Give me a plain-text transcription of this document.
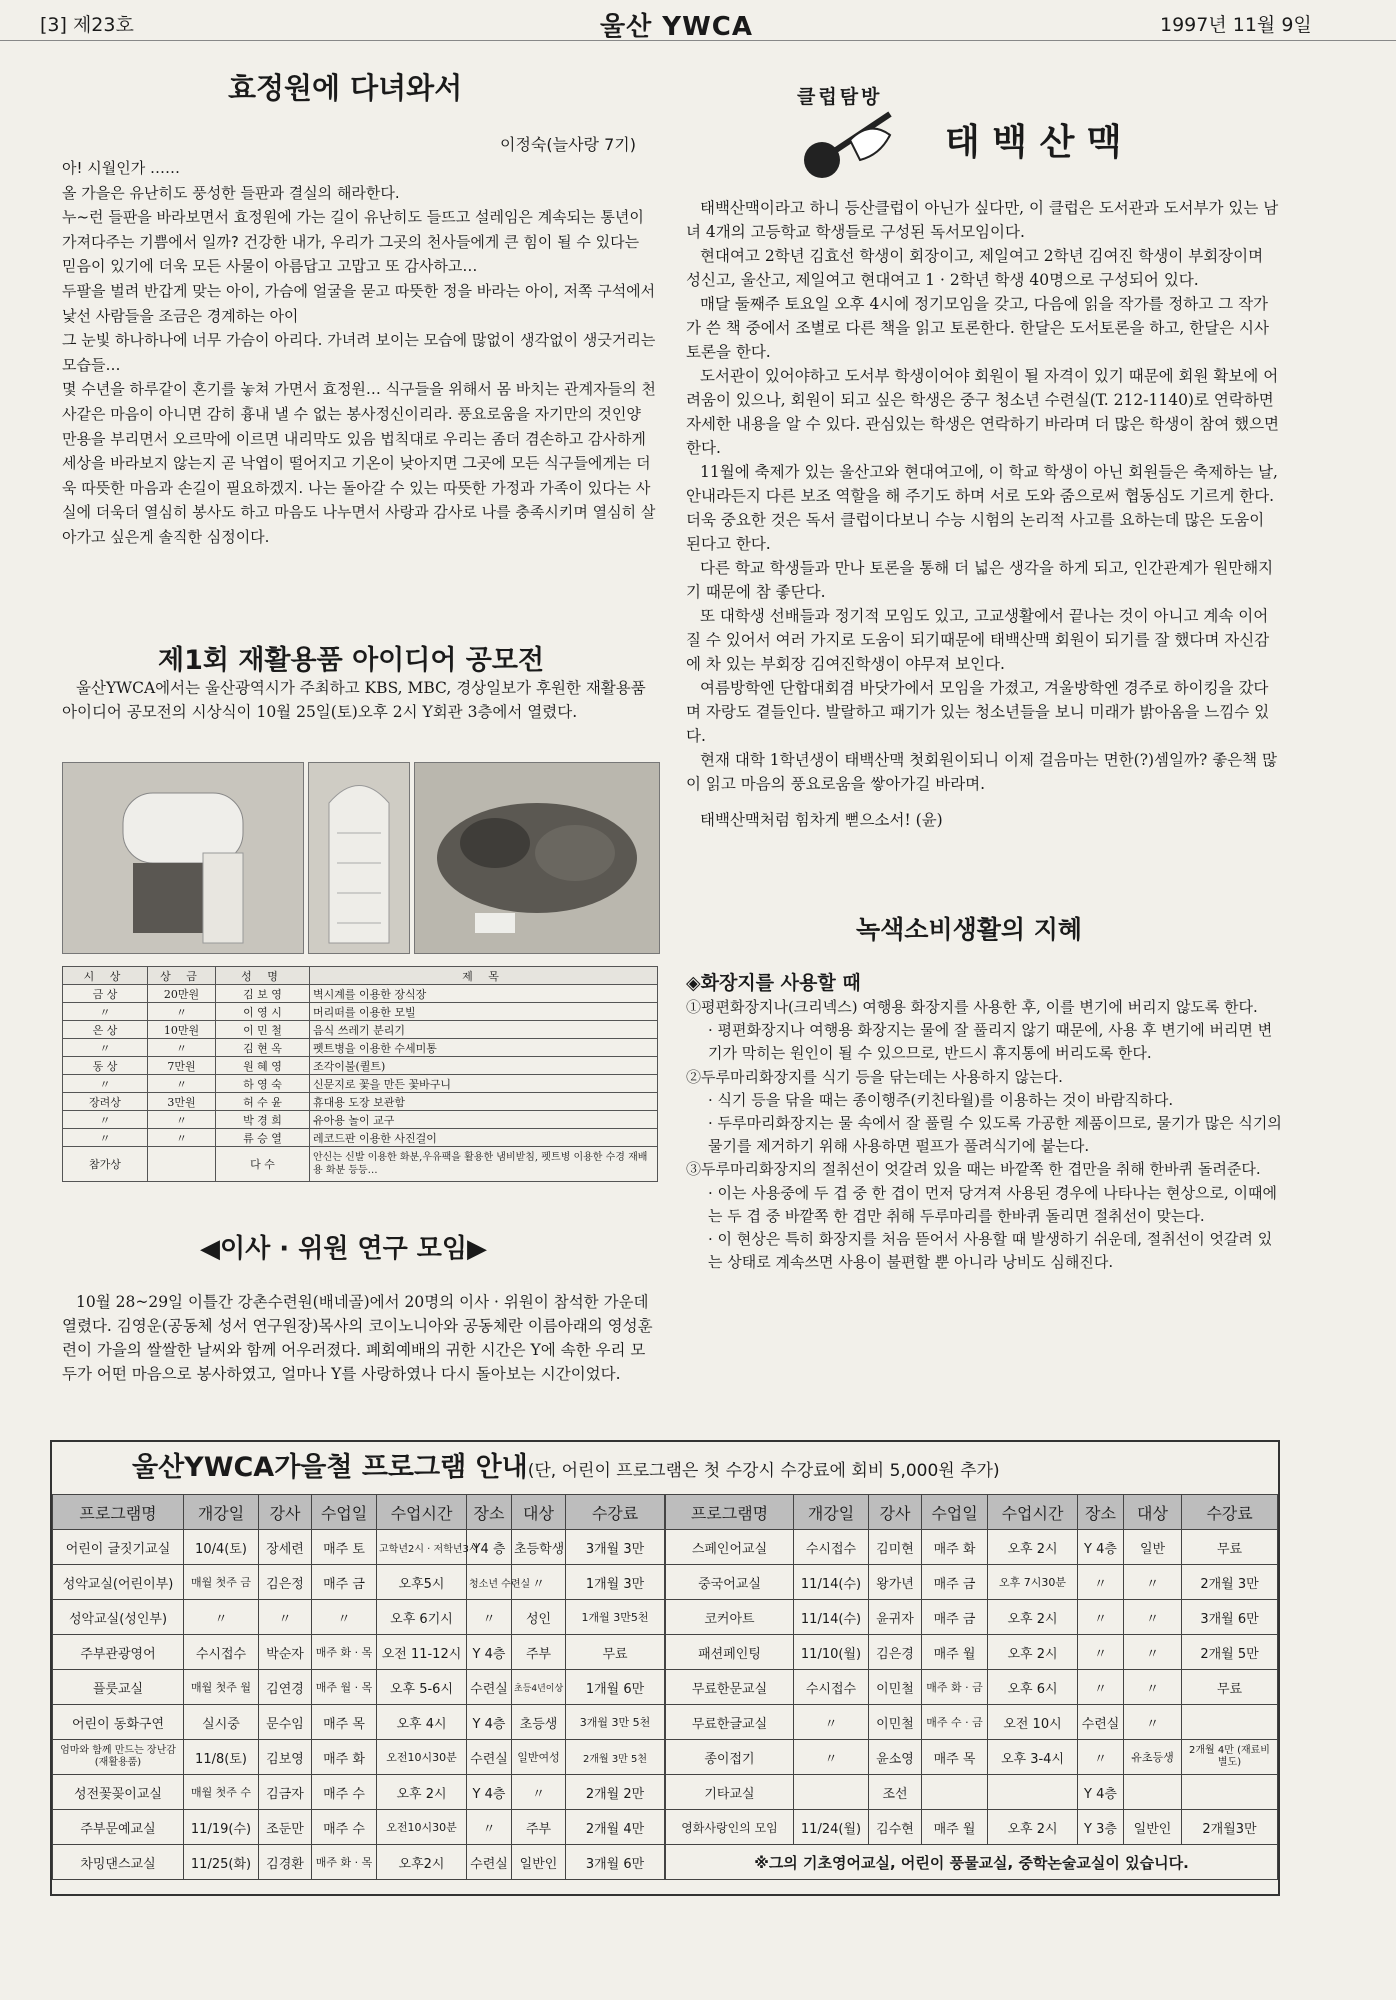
[3] 제23호	울산 YWCA	1997년 11월 9일
효정원에 다녀와서
이정숙(늘사랑 7기)

아! 시월인가 ……

올 가을은 유난히도 풍성한 들판과 결실의 해라한다.

누~런 들판을 바라보면서 효정원에 가는 길이 유난히도 들뜨고 설레임은 계속되는 통년이 가져다주는 기쁨에서 일까? 건강한 내가, 우리가 그곳의 천사들에게 큰 힘이 될 수 있다는 믿음이 있기에 더욱 모든 사물이 아름답고 고맙고 또 감사하고…

두팔을 벌려 반갑게 맞는 아이, 가슴에 얼굴을 묻고 따뜻한 정을 바라는 아이, 저쪽 구석에서 낯선 사람들을 조금은 경계하는 아이

그 눈빛 하나하나에 너무 가슴이 아리다. 가녀려 보이는 모습에 많없이 생각없이 생긋거리는 모습들…

몇 수년을 하루같이 혼기를 놓쳐 가면서 효정원… 식구들을 위해서 몸 바치는 관계자들의 천사같은 마음이 아니면 감히 흉내 낼 수 없는 봉사정신이리라. 풍요로움을 자기만의 것인양 만용을 부리면서 오르막에 이르면 내리막도 있음 법칙대로 우리는 좀더 겸손하고 감사하게 세상을 바라보지 않는지 곧 낙엽이 떨어지고 기온이 낮아지면 그곳에 모든 식구들에게는 더욱 따뜻한 마음과 손길이 필요하겠지. 나는 돌아갈 수 있는 따뜻한 가정과 가족이 있다는 사실에 더욱더 열심히 봉사도 하고 마음도 나누면서 사랑과 감사로 나를 충족시키며 열심히 살아가고 싶은게 솔직한 심정이다.

제1회 재활용품 아이디어 공모전
울산YWCA에서는 울산광역시가 주최하고 KBS, MBC, 경상일보가 후원한 재활용품 아이디어 공모전의 시상식이 10월 25일(토)오후 2시 Y회관 3층에서 열렸다.
시 상	상 금	성 명	제 목
금 상	20만원	김 보 영	벽시계를 이용한 장식장
〃	〃	이 영 시	머리떠를 이용한 모빌
은 상	10만원	이 민 철	음식 쓰레기 분리기
〃	〃	김 현 옥	펫트병을 이용한 수세미통
동 상	7만원	원 혜 영	조각이불(퀼트)
〃	〃	하 영 숙	신문지로 꽃을 만든 꽃바구니
장려상	3만원	허 수 윤	휴대용 도장 보관함
〃	〃	박 경 희	유아용 놀이 교구
〃	〃	류 승 열	레코드판 이용한 사진걸이
참가상		다 수	안신는 신발 이용한 화분,우유팩을 활용한 냄비받침, 펫트병 이용한 수경 재배용 화분 등등…
◀이사 · 위원 연구 모임▶
10월 28~29일 이틀간 강촌수련원(배네골)에서 20명의 이사 · 위원이 참석한 가운데 열렸다. 김영운(공동체 성서 연구원장)목사의 코이노니아와 공동체란 이름아래의 영성훈련이 가을의 쌀쌀한 날씨와 함께 어우러졌다. 폐회예배의 귀한 시간은 Y에 속한 우리 모두가 어떤 마음으로 봉사하였고, 얼마나 Y를 사랑하였나 다시 돌아보는 시간이었다.
클럽탐방
태 백 산 맥

태백산맥이라고 하니 등산클럽이 아닌가 싶다만, 이 클럽은 도서관과 도서부가 있는 남녀 4개의 고등학교 학생들로 구성된 독서모임이다.

현대여고 2학년 김효선 학생이 회장이고, 제일여고 2학년 김여진 학생이 부회장이며 성신고, 울산고, 제일여고 현대여고 1 · 2학년 학생 40명으로 구성되어 있다.

매달 둘째주 토요일 오후 4시에 정기모임을 갖고, 다음에 읽을 작가를 정하고 그 작가가 쓴 책 중에서 조별로 다른 책을 읽고 토론한다. 한달은 도서토론을 하고, 한달은 시사토론을 한다.

도서관이 있어야하고 도서부 학생이어야 회원이 될 자격이 있기 때문에 회원 확보에 어려움이 있으나, 회원이 되고 싶은 학생은 중구 청소년 수련실(T. 212-1140)로 연락하면 자세한 내용을 알 수 있다. 관심있는 학생은 연락하기 바라며 더 많은 학생이 참여 했으면 한다.

11월에 축제가 있는 울산고와 현대여고에, 이 학교 학생이 아닌 회원들은 축제하는 날, 안내라든지 다른 보조 역할을 해 주기도 하며 서로 도와 줌으로써 협동심도 기르게 한다. 더욱 중요한 것은 독서 클럽이다보니 수능 시험의 논리적 사고를 요하는데 많은 도움이 된다고 한다.

다른 학교 학생들과 만나 토론을 통해 더 넓은 생각을 하게 되고, 인간관계가 원만해지기 때문에 참 좋단다.

또 대학생 선배들과 정기적 모임도 있고, 고교생활에서 끝나는 것이 아니고 계속 이어질 수 있어서 여러 가지로 도움이 되기때문에 태백산맥 회원이 되기를 잘 했다며 자신감에 차 있는 부회장 김여진학생이 야무져 보인다.

여름방학엔 단합대회겸 바닷가에서 모임을 가졌고, 겨울방학엔 경주로 하이킹을 갔다며 자랑도 곁들인다. 발랄하고 패기가 있는 청소년들을 보니 미래가 밝아옴을 느낌수 있다.

현재 대학 1학년생이 태백산맥 첫회원이되니 이제 걸음마는 면한(?)셈일까? 좋은책 많이 읽고 마음의 풍요로움을 쌓아가길 바라며.

태백산맥처럼 힘차게 뻗으소서! (윤)

녹색소비생활의 지혜
◈화장지를 사용할 때

①평편화장지나(크리넥스) 여행용 화장지를 사용한 후, 이를 변기에 버리지 않도록 한다.

· 평편화장지나 여행용 화장지는 물에 잘 풀리지 않기 때문에, 사용 후 변기에 버리면 변기가 막히는 원인이 될 수 있으므로, 반드시 휴지통에 버리도록 한다.

②두루마리화장지를 식기 등을 닦는데는 사용하지 않는다.

· 식기 등을 닦을 때는 종이행주(키친타월)를 이용하는 것이 바람직하다.

· 두루마리화장지는 물 속에서 잘 풀릴 수 있도록 가공한 제품이므로, 물기가 많은 식기의 물기를 제거하기 위해 사용하면 펄프가 풀려식기에 붙는다.

③두루마리화장지의 절취선이 엇갈려 있을 때는 바깥쪽 한 겹만을 취해 한바퀴 돌려준다.

· 이는 사용중에 두 겹 중 한 겹이 먼저 당겨져 사용된 경우에 나타나는 현상으로, 이때에는 두 겹 중 바깥쪽 한 겹만 취해 두루마리를 한바퀴 돌리면 절취선이 맞는다.

· 이 현상은 특히 화장지를 처음 뜯어서 사용할 때 발생하기 쉬운데, 절취선이 엇갈려 있는 상태로 계속쓰면 사용이 불편할 뿐 아니라 낭비도 심해진다.

울산YWCA가을철 프로그램 안내(단, 어린이 프로그램은 첫 수강시 수강료에 회비 5,000원 추가)
프로그램명	개강일	강사	수업일	수업시간	장소	대상	수강료
어린이 글짓기교실	10/4(토)	장세련	매주 토	고학년2시 · 저학년3시	Y4 층	초등학생	3개월 3만
성악교실(어린이부)	매월 첫주 금	김은정	매주 금	오후5시	청소년 수련실	〃	1개월 3만
성악교실(성인부)	〃	〃	〃	오후 6기시	〃	성인	1개월 3만5천
주부관광영어	수시접수	박순자	매주 화 · 목	오전 11-12시	Y 4층	주부	무료
플룻교실	매월 첫주 월	김연경	매주 월 · 목	오후 5-6시	수련실	초등4년이상	1개월 6만
어린이 동화구연	실시중	문수임	매주 목	오후 4시	Y 4층	초등생	3개월 3만 5천
엄마와 함께 만드는 장난감(재활용품)	11/8(토)	김보영	매주 화	오전10시30분	수련실	일반여성	2개월 3만 5천
성전꽃꽂이교실	매월 첫주 수	김금자	매주 수	오후 2시	Y 4층	〃	2개월 2만
주부문예교실	11/19(수)	조둔만	매주 수	오전10시30분	〃	주부	2개월 4만
차밍댄스교실	11/25(화)	김경환	매주 화 · 목	오후2시	수련실	일반인	3개월 6만
프로그램명	개강일	강사	수업일	수업시간	장소	대상	수강료
스페인어교실	수시접수	김미현	매주 화	오후 2시	Y 4층	일반	무료
중국어교실	11/14(수)	왕가년	매주 금	오후 7시30분	〃	〃	2개월 3만
코커아트	11/14(수)	윤귀자	매주 금	오후 2시	〃	〃	3개월 6만
패션페인팅	11/10(월)	김은경	매주 월	오후 2시	〃	〃	2개월 5만
무료한문교실	수시접수	이민철	매주 화 · 금	오후 6시	〃	〃	무료
무료한글교실	〃	이민철	매주 수 · 금	오전 10시	수련실	〃	
종이접기	〃	윤소영	매주 목	오후 3-4시	〃	유초등생	2개월 4만 (재료비 별도)
기타교실		조선			Y 4층		
영화사랑인의 모임	11/24(월)	김수현	매주 월	오후 2시	Y 3층	일반인	2개월3만
※그의 기초영어교실, 어린이 풍물교실, 중학논술교실이 있습니다.							
